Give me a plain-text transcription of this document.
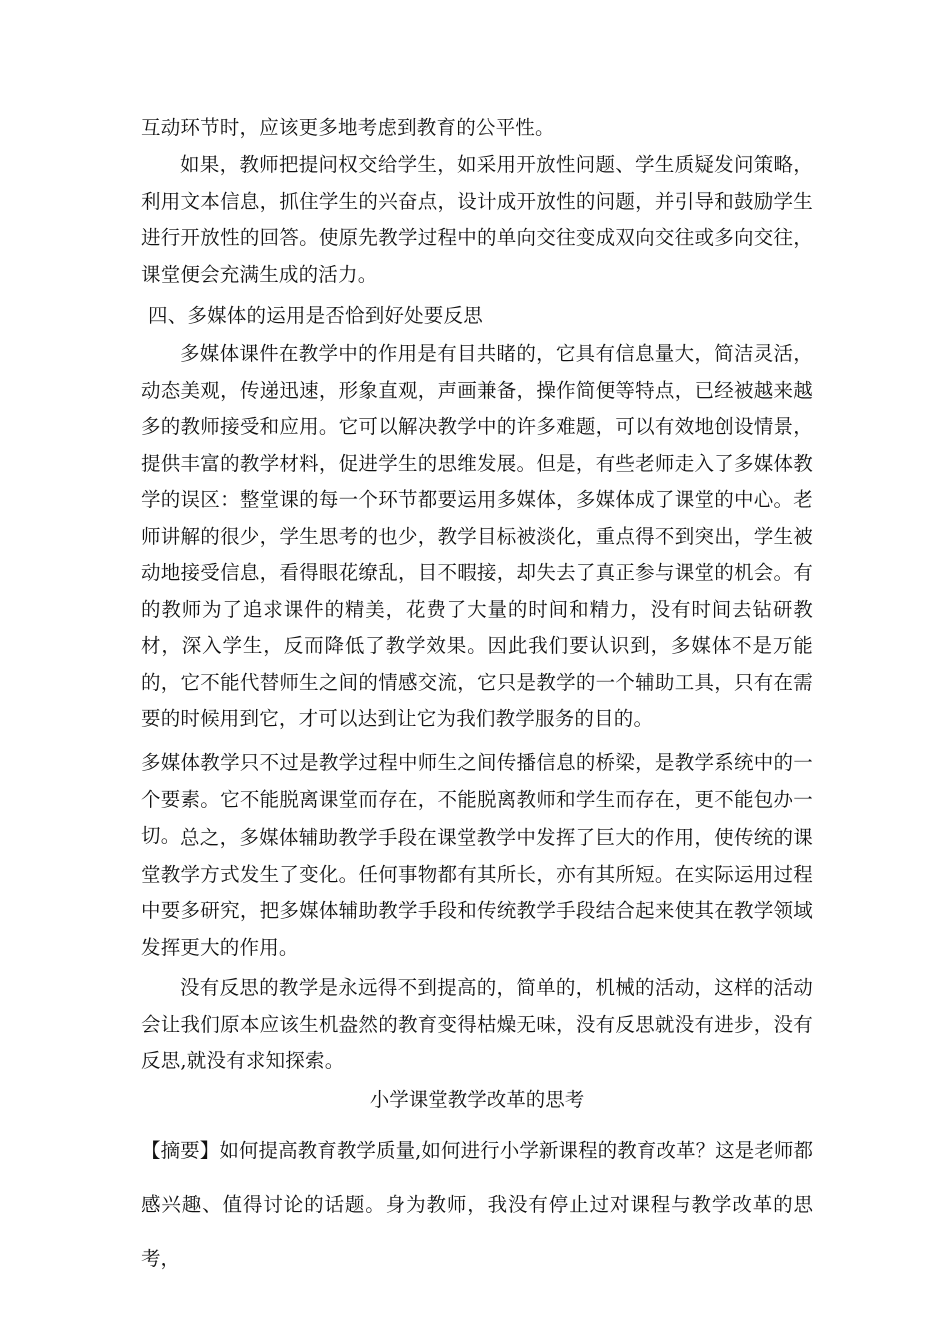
互动环节时，应该更多地考虑到教育的公平性。

如果，教师把提问权交给学生，如采用开放性问题、学生质疑发问策略，利用文本信息，抓住学生的兴奋点，设计成开放性的问题，并引导和鼓励学生进行开放性的回答。使原先教学过程中的单向交往变成双向交往或多向交往，课堂便会充满生成的活力。

四、多媒体的运用是否恰到好处要反思

多媒体课件在教学中的作用是有目共睹的，它具有信息量大，简洁灵活，动态美观，传递迅速，形象直观，声画兼备，操作简便等特点，已经被越来越多的教师接受和应用。它可以解决教学中的许多难题，可以有效地创设情景，提供丰富的教学材料，促进学生的思维发展。但是，有些老师走入了多媒体教学的误区：整堂课的每一个环节都要运用多媒体，多媒体成了课堂的中心。老师讲解的很少，学生思考的也少，教学目标被淡化，重点得不到突出，学生被动地接受信息，看得眼花缭乱，目不暇接，却失去了真正参与课堂的机会。有的教师为了追求课件的精美，花费了大量的时间和精力，没有时间去钻研教材，深入学生，反而降低了教学效果。因此我们要认识到，多媒体不是万能的，它不能代替师生之间的情感交流，它只是教学的一个辅助工具，只有在需要的时候用到它，才可以达到让它为我们教学服务的目的。

多媒体教学只不过是教学过程中师生之间传播信息的桥梁，是教学系统中的一个要素。它不能脱离课堂而存在，不能脱离教师和学生而存在，更不能包办一切。 总之，多媒体辅助教学手段在课堂教学中发挥了巨大的作用，使传统的课堂教学方式发生了变化。任何事物都有其所长，亦有其所短。在实际运用过程中要多研究，把多媒体辅助教学手段和传统教学手段结合起来使其在教学领域发挥更大的作用。

没有反思的教学是永远得不到提高的，简单的，机械的活动，这样的活动会让我们原本应该生机盎然的教育变得枯燥无味，没有反思就没有进步，没有反思,就没有求知探索。

小学课堂教学改革的思考

【摘要】如何提高教育教学质量,如何进行小学新课程的教育改革？这是老师都感兴趣、值得讨论的话题。身为教师，我没有停止过对课程与教学改革的思考，
